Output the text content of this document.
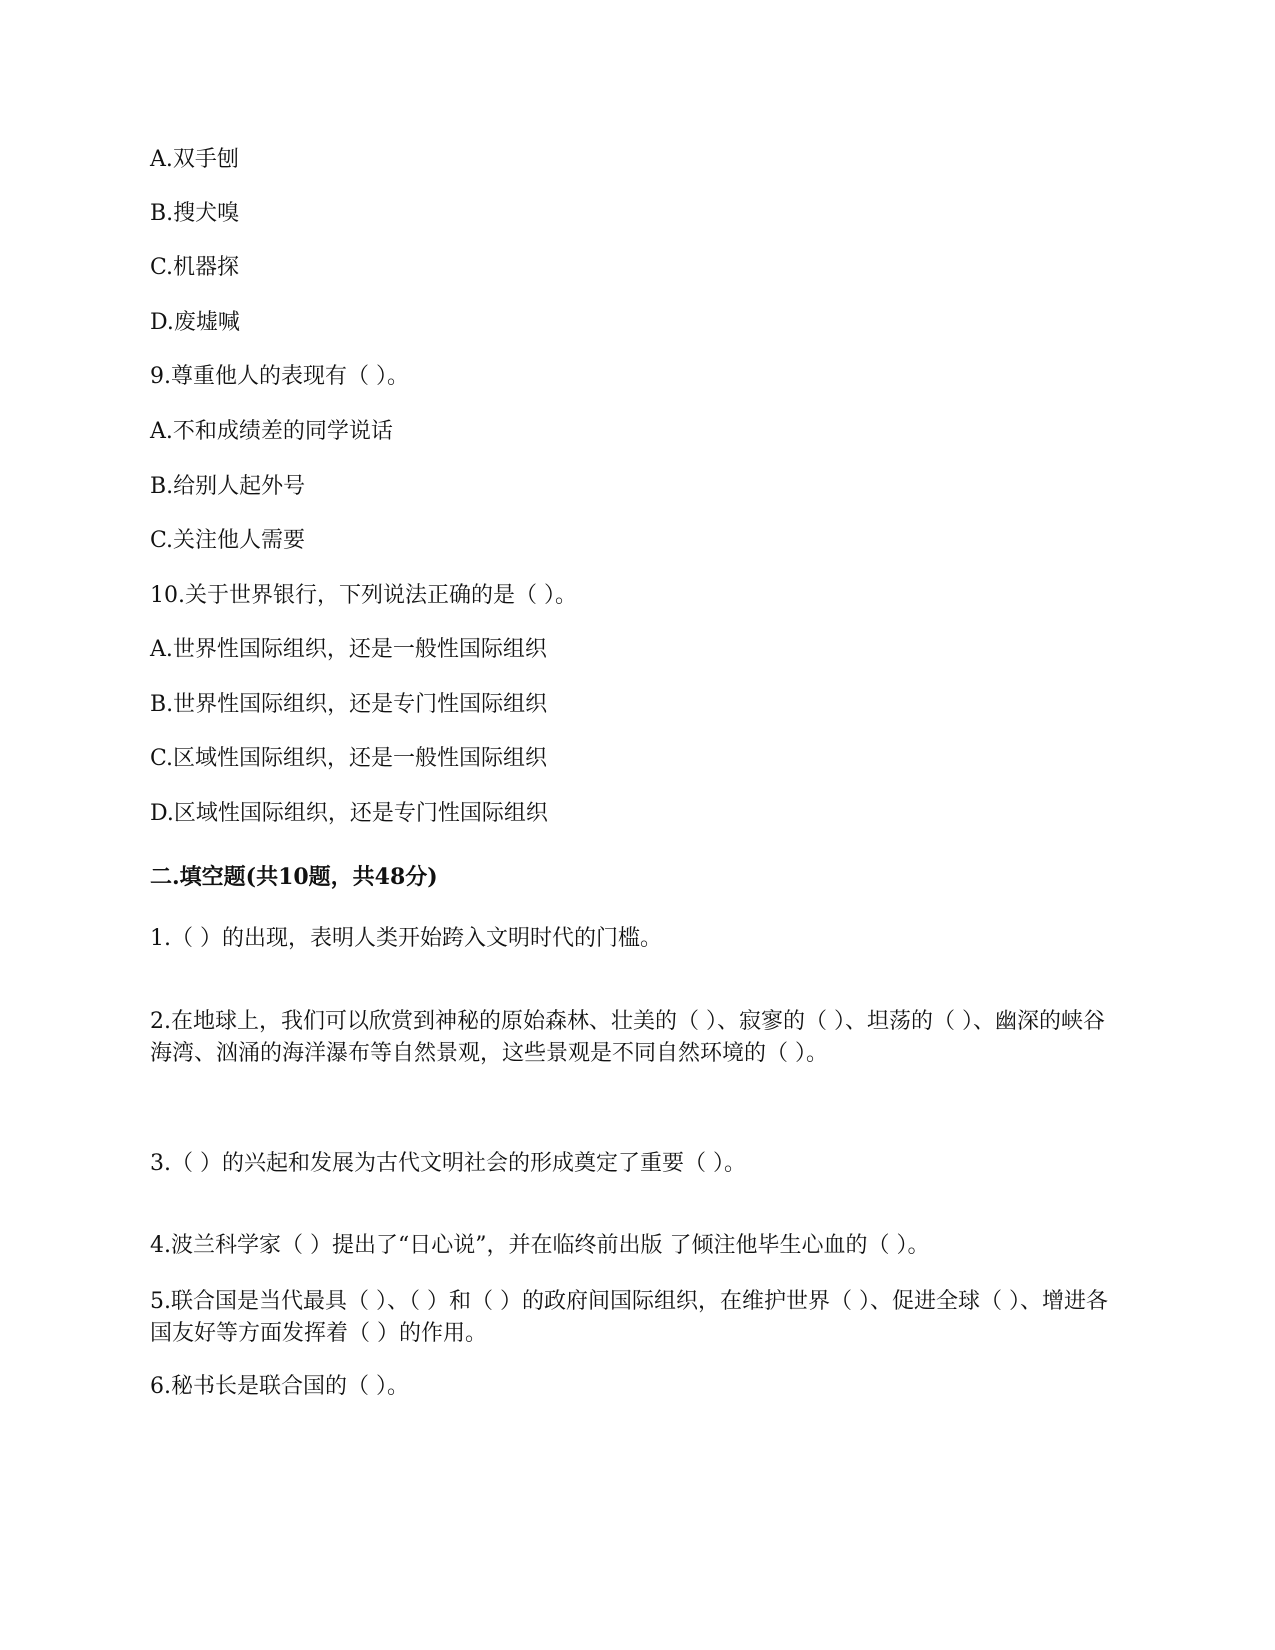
A.双手刨
B.搜犬嗅
C.机器探
D.废墟喊
9.尊重他人的表现有（ ）。
A.不和成绩差的同学说话
B.给别人起外号
C.关注他人需要
10.关于世界银行，下列说法正确的是（ ）。
A.世界性国际组织，还是一般性国际组织
B.世界性国际组织，还是专门性国际组织
C.区域性国际组织，还是一般性国际组织
D.区域性国际组织，还是专门性国际组织
二.填空题(共10题，共48分)
1.（ ）的出现，表明人类开始跨入文明时代的门槛。
2.在地球上，我们可以欣赏到神秘的原始森林、壮美的（ ）、寂寥的（ ）、坦荡的（ ）、幽深的峡谷海湾、汹涌的海洋瀑布等自然景观，这些景观是不同自然环境的（ ）。
3.（ ）的兴起和发展为古代文明社会的形成奠定了重要（ ）。
4.波兰科学家（ ）提出了“日心说”，并在临终前出版 了倾注他毕生心血的（ ）。
5.联合国是当代最具（ ）、（ ）和（ ）的政府间国际组织，在维护世界（ ）、促进全球（ ）、增进各国友好等方面发挥着（ ）的作用。
6.秘书长是联合国的（ ）。
